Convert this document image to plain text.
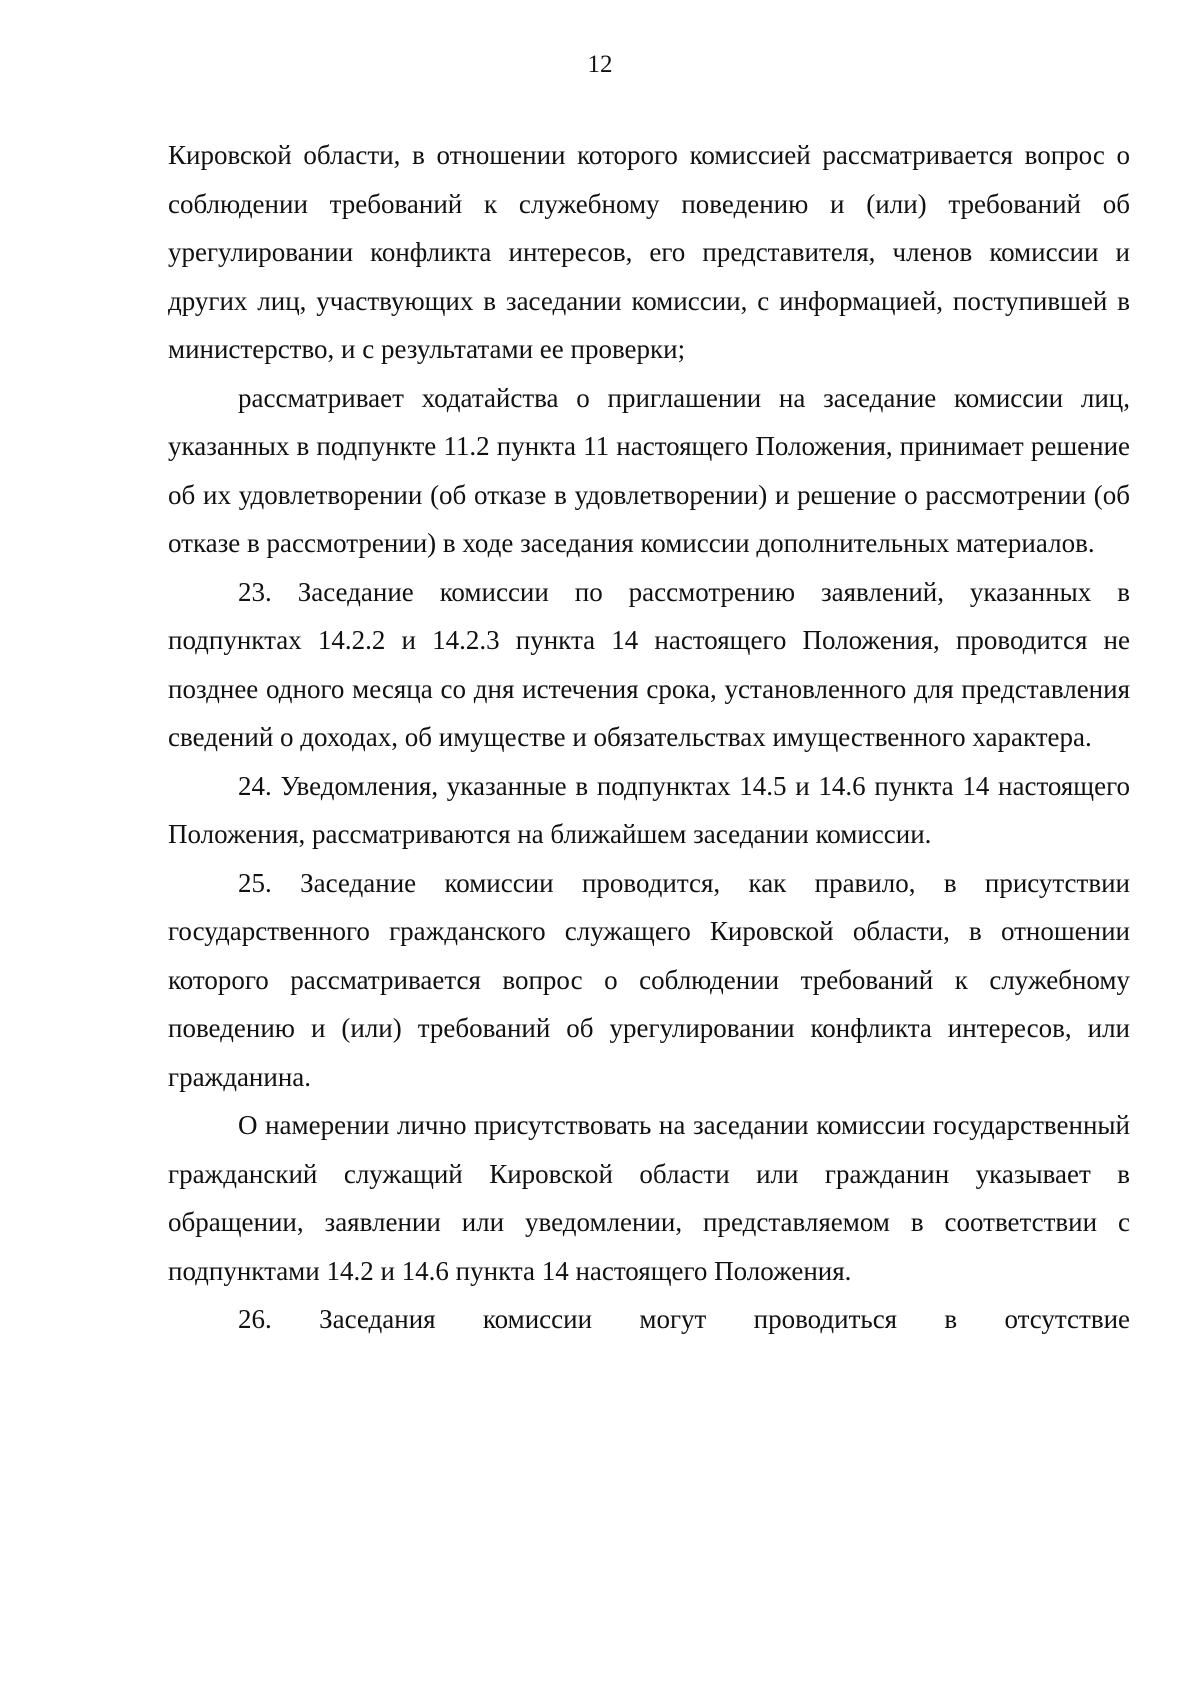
12

Кировской области, в отношении которого комиссией рассматривается вопрос о соблюдении требований к служебному поведению и (или) требований об урегулировании конфликта интересов, его представителя, членов комиссии и других лиц, участвующих в заседании комиссии, с информацией, поступившей в министерство, и с результатами ее проверки;

рассматривает ходатайства о приглашении на заседание комиссии лиц, указанных в подпункте 11.2 пункта 11 настоящего Положения, принимает решение об их удовлетворении (об отказе в удовлетворении) и решение о рассмотрении (об отказе в рассмотрении) в ходе заседания комиссии дополнительных материалов.

23. Заседание комиссии по рассмотрению заявлений, указанных в подпунктах 14.2.2 и 14.2.3 пункта 14 настоящего Положения, проводится не позднее одного месяца со дня истечения срока, установленного для представления сведений о доходах, об имуществе и обязательствах имущественного характера.

24. Уведомления, указанные в подпунктах 14.5 и 14.6 пункта 14 настоящего Положения, рассматриваются на ближайшем заседании комиссии.

25. Заседание комиссии проводится, как правило, в присутствии государственного гражданского служащего Кировской области, в отношении которого рассматривается вопрос о соблюдении требований к служебному поведению и (или) требований об урегулировании конфликта интересов, или гражданина.

О намерении лично присутствовать на заседании комиссии государственный гражданский служащий Кировской области или гражданин указывает в обращении, заявлении или уведомлении, представляемом в соответствии с подпунктами 14.2 и 14.6 пункта 14 настоящего Положения.

26. Заседания комиссии могут проводиться в отсутствие
